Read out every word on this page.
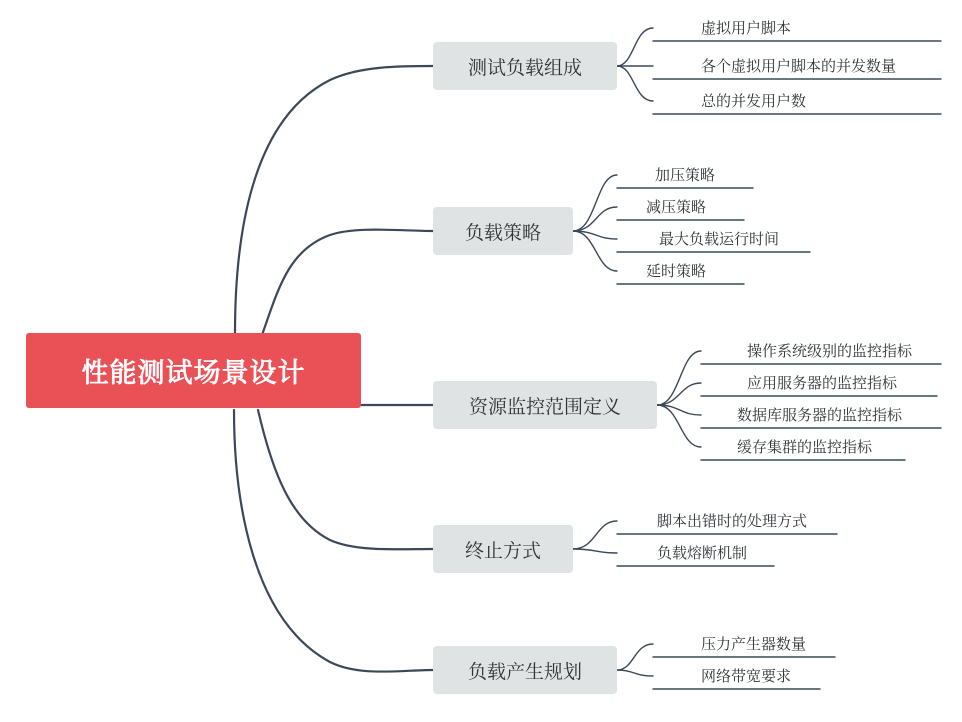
性能测试场景设计
测试负载组成
虚拟用户脚本
各个虚拟用户脚本的并发数量
总的并发用户数
负载策略
加压策略
减压策略
最大负载运行时间
延时策略
资源监控范围定义
操作系统级别的监控指标
应用服务器的监控指标
数据库服务器的监控指标
缓存集群的监控指标
终止方式
脚本出错时的处理方式
负载熔断机制
负载产生规划
压力产生器数量
网络带宽要求
